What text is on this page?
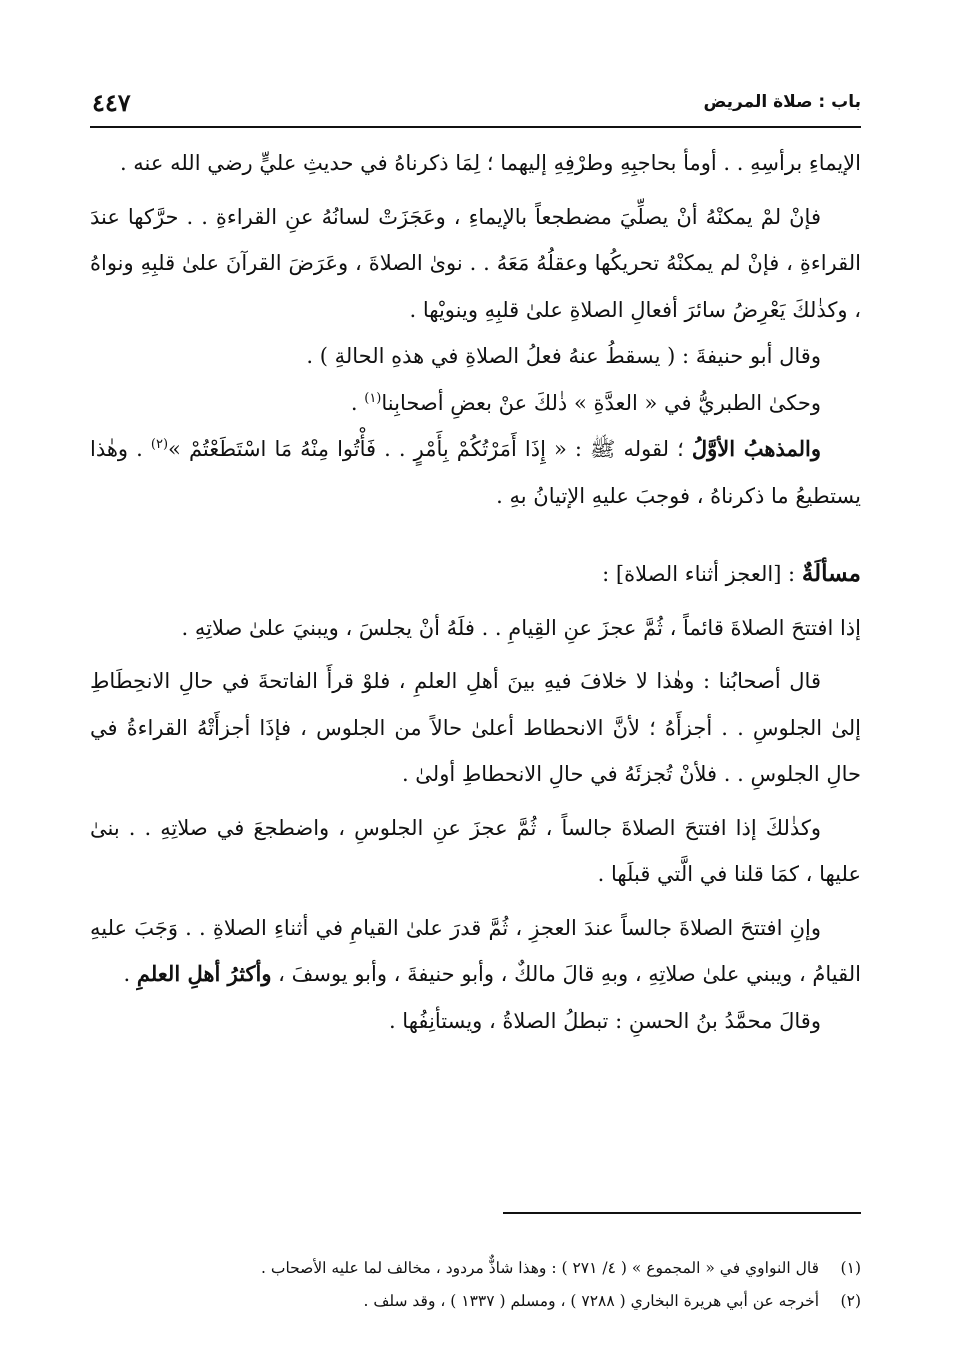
باب : صلاة المريض
٤٤٧

الإيماءِ برأسِهِ . . أومأ بحاجبِهِ وطرْفِهِ إليهما ؛ لِمَا ذكرناهُ في حديثِ عليٍّ رضي الله عنه .

فإنْ لمْ يمكنْهُ أنْ يصلِّيَ مضطجعاً بالإيماءِ ، وعَجَزَتْ لسانُهُ عنِ القراءةِ . . حرَّكها عندَ القراءةِ ، فإنْ لم يمكنْهُ تحريكُها وعقلُهُ مَعَهُ . . نوىٰ الصلاةَ ، وعَرَضَ القرآنَ علىٰ قلبِهِ ونواهُ ، وكذٰلكَ يَعْرِضُ سائرَ أفعالِ الصلاةِ علىٰ قلبِهِ وينويْها .

وقال أبو حنيفةَ : ( يسقطُ عنهُ فعلُ الصلاةِ في هذهِ الحالةِ ) .

وحكىٰ الطبريُّ في « العدَّةِ » ذٰلكَ عنْ بعضِ أصحابِنا$^{(١)}$ .

والمذهبُ الأوَّلُ ؛ لقوله ﷺ : « إِذَا أَمَرْتُكُمْ بِأَمْرٍ . . فَأْتُوا مِنْهُ مَا اسْتَطَعْتُمْ »$^{(٢)}$ . وهٰذا يستطيعُ ما ذكرناهُ ، فوجبَ عليهِ الإتيانُ بهِ .

مسألَةٌ : [العجز أثناء الصلاة] :

إذا افتتحَ الصلاةَ قائماً ، ثُمَّ عجزَ عنِ القِيامِ . . فلَهُ أنْ يجلسَ ، ويبنيَ علىٰ صلاتِهِ .

قال أصحابُنا : وهٰذا لا خلافَ فيهِ بينَ أهلِ العلمِ ، فلوْ قرأَ الفاتحةَ في حالِ الانحِطَاطِ إلىٰ الجلوسِ . . أجزأَهُ ؛ لأنَّ الانحطاط أعلىٰ حالاً من الجلوس ، فإذَا أجزأَتْهُ القراءةُ في حالِ الجلوسِ . . فلأنْ تُجزئَهُ في حالِ الانحطاطِ أولىٰ .

وكذٰلكَ إذا افتتحَ الصلاةَ جالساً ، ثُمَّ عجزَ عنِ الجلوسِ ، واضطجعَ في صلاتِهِ . . بنىٰ عليها ، كمَا قلنا في الَّتي قبلَها .

وإنِ افتتحَ الصلاةَ جالساً عندَ العجزِ ، ثُمَّ قدرَ علىٰ القيامِ في أثناءِ الصلاةِ . . وَجَبَ عليهِ القيامُ ، ويبني علىٰ صلاتِهِ ، وبهِ قالَ مالكٌ ، وأبو حنيفةَ ، وأبو يوسفَ ، وأكثرُ أهلِ العلمِ .

وقالَ محمَّدُ بنُ الحسنِ : تبطلُ الصلاةُ ، ويستأنِفُها .

(١)قال النواوي في « المجموع » ( ٤/ ٢٧١ ) : وهذا شاذٌّ مردود ، مخالف لما عليه الأصحاب .

(٢)أخرجه عن أبي هريرة البخاري ( ٧٢٨٨ ) ، ومسلم ( ١٣٣٧ ) ، وقد سلف .
